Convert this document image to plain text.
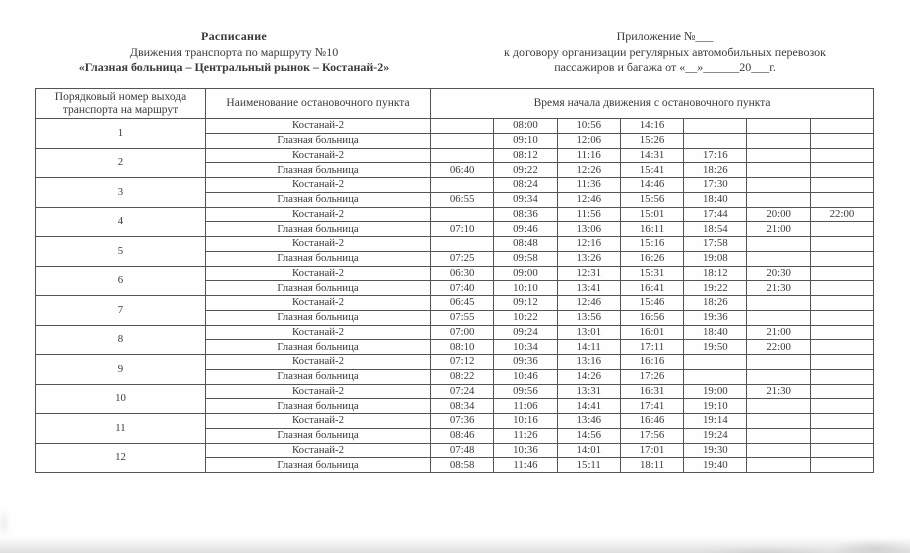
Расписание
Движения транспорта по маршруту №10
«Глазная больница – Центральный рынок – Костанай-2»
Приложение №___
к договору организации регулярных автомобильных перевозок
пассажиров и багажа от «__»______20___г.
Порядковый номер выхода транспорта на маршрут	Наименование остановочного пункта	Время начала движения с остановочного пункта						
1	Костанай-2		08:00	10:56	14:16			
	Глазная больница		09:10	12:06	15:26			
2	Костанай-2		08:12	11:16	14:31	17:16		
	Глазная больница	06:40	09:22	12:26	15:41	18:26		
3	Костанай-2		08:24	11:36	14:46	17:30		
	Глазная больница	06:55	09:34	12:46	15:56	18:40		
4	Костанай-2		08:36	11:56	15:01	17:44	20:00	22:00
	Глазная больница	07:10	09:46	13:06	16:11	18:54	21:00	
5	Костанай-2		08:48	12:16	15:16	17:58		
	Глазная больница	07:25	09:58	13:26	16:26	19:08		
6	Костанай-2	06:30	09:00	12:31	15:31	18:12	20:30	
	Глазная больница	07:40	10:10	13:41	16:41	19:22	21:30	
7	Костанай-2	06:45	09:12	12:46	15:46	18:26		
	Глазная больница	07:55	10:22	13:56	16:56	19:36		
8	Костанай-2	07:00	09:24	13:01	16:01	18:40	21:00	
	Глазная больница	08:10	10:34	14:11	17:11	19:50	22:00	
9	Костанай-2	07:12	09:36	13:16	16:16			
	Глазная больница	08:22	10:46	14:26	17:26			
10	Костанай-2	07:24	09:56	13:31	16:31	19:00	21:30	
	Глазная больница	08:34	11:06	14:41	17:41	19:10		
11	Костанай-2	07:36	10:16	13:46	16:46	19:14		
	Глазная больница	08:46	11:26	14:56	17:56	19:24		
12	Костанай-2	07:48	10:36	14:01	17:01	19:30		
	Глазная больница	08:58	11:46	15:11	18:11	19:40		
